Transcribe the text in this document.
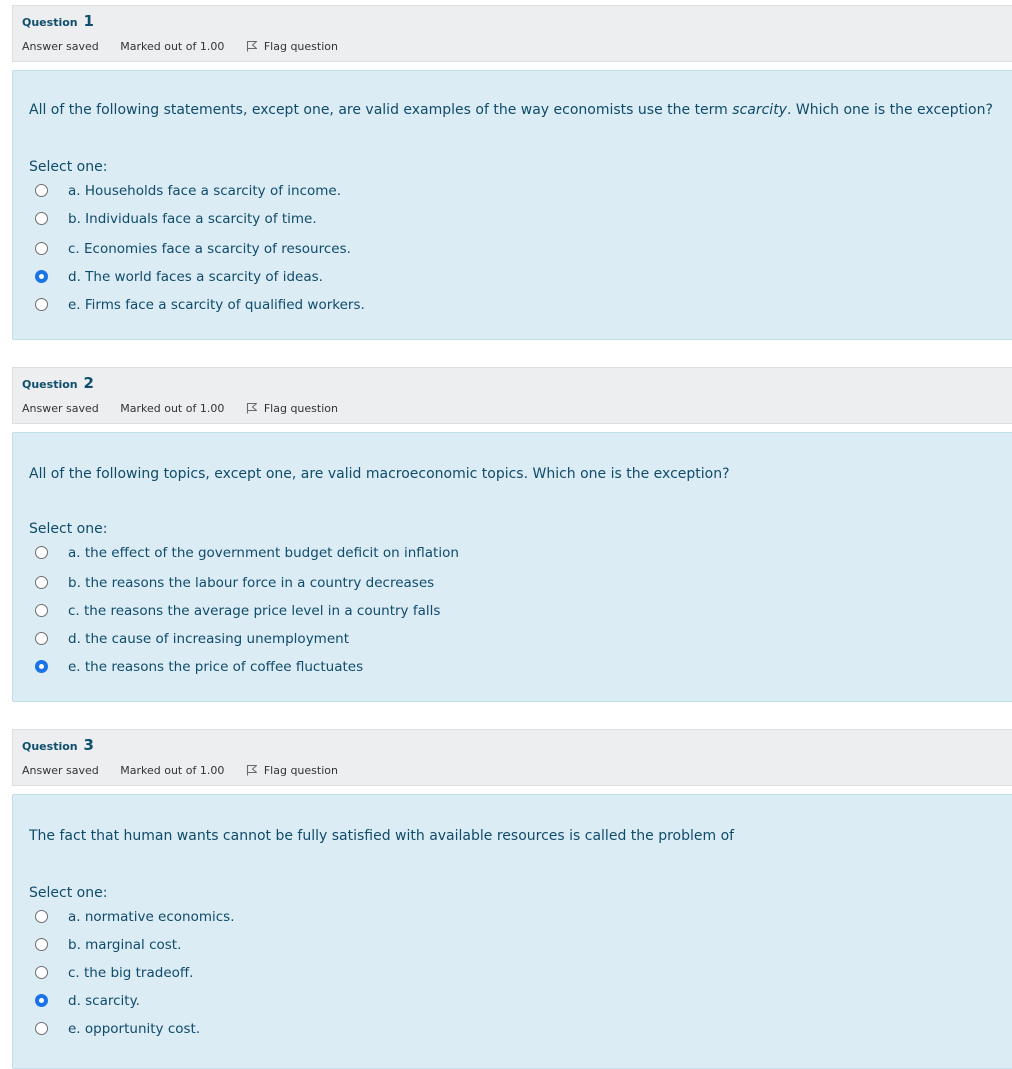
Question 1
Answer saved Marked out of 1.00	Flag question
All of the following statements, except one, are valid examples of the way economists use the term scarcity. Which one is the exception?
Select one:
a. Households face a scarcity of income.
b. Individuals face a scarcity of time.
c. Economies face a scarcity of resources.
d. The world faces a scarcity of ideas.
e. Firms face a scarcity of qualified workers.
Question 2
Answer saved Marked out of 1.00	Flag question
All of the following topics, except one, are valid macroeconomic topics. Which one is the exception?
Select one:
a. the effect of the government budget deficit on inflation
b. the reasons the labour force in a country decreases
c. the reasons the average price level in a country falls
d. the cause of increasing unemployment
e. the reasons the price of coffee fluctuates
Question 3
Answer saved Marked out of 1.00	Flag question
The fact that human wants cannot be fully satisfied with available resources is called the problem of
Select one:
a. normative economics.
b. marginal cost.
c. the big tradeoff.
d. scarcity.
e. opportunity cost.
